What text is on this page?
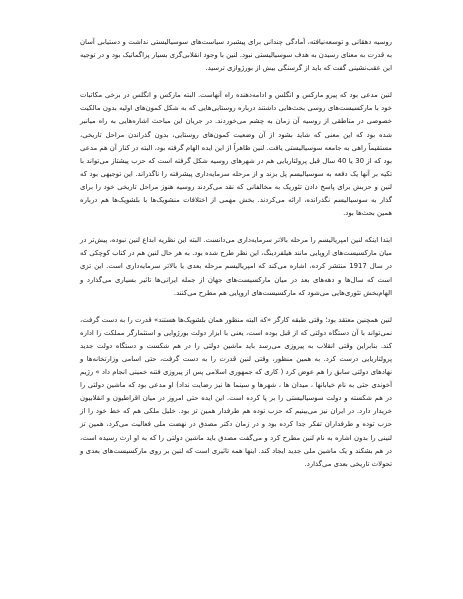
روسیه دهقانی و توسعه‌نیافته، آمادگی چندانی برای پیشبرد سیاست‌های سوسیالیستی نداشت و دستیابی آسان به قدرت به معنای رسیدن به هدف سوسیالیستی نبود. لنین با وجود انقلابی‌گری بسیار پراگماتیک بود و در توجیه این عقب‌نشینی گفت که باید از گرسنگی بیش از بورژوازی ترسید.

لنین مدعی بود که پیرو مارکس و انگلس و ادامه‌دهنده راه آنهاست. البته مارکس و انگلس در برخی مکاتبات خود با مارکسیست‌های روسی بحث‌هایی داشتند درباره روستایی‌هایی که به شکل کمون‌های اولیه بدون مالکیت خصوصی در مناطقی از روسیه آن زمان به چشم می‌خوردند. در جریان این مباحث اشاره‌هایی به راه میانبر شده بود که این معنی که شاید بشود از آن وضعیت کمون‌های روستایی، بدون گذراندن مراحل تاریخی، مستقیماً راهی به جامعه سوسیالیستی یافت. لنین ظاهراً از این ایده الهام گرفته بود، البته در کنار آن هم مدعی بود که از 30 یا 40 سال قبل پرولتاریایی هم در شهرهای روسیه شکل گرفته است که حزب پیشتاز می‌تواند با تکیه بر آنها یک دفعه به سوسیالیسم پل بزند و از مرحله سرمایه‌داری پیشرفته را ناگذراند. این توجیهی بود که لنین و حزبش برای پاسخ دادن تئوریک به مخالفانی که نقد می‌کردند روسیه هنوز مراحل تاریخی خود را برای گذار به سوسیالیسم نگذرانده، ارائه می‌کردند. بخش مهمی از اختلافات منشویک‌ها با بلشویک‌ها هم درباره همین بحث‌ها بود.

ابتدا اینکه لنین امپریالیسم را مرحله بالاتر سرمایه‌داری می‌دانست. البته این نظریه ابداع لنین نبوده، پیش‌تر در میان مارکسیست‌های اروپایی مانند هیلفردینگ، این نظر طرح شده بود. به هر حال لنین هم در کتاب کوچکی که در سال 1917 منتشر کرده، اشاره می‌کند که امپریالیسم مرحله بعدی یا بالاتر سرمایه‌داری است. این تزی است که سال‌ها و دهه‌های بعد در میان مارکسیست‌های جهان از جمله ایرانی‌ها تاثیر بسیاری می‌گذارد و الهام‌بخش تئوری‌هایی می‌شود که مارکسیست‌های اروپایی هم مطرح می‌کنند.

لنین همچنین معتقد بود؛ وقتی طبقه کارگر «که البته منظور همان بلشویک‌ها هستند» قدرت را به دست گرفت، نمی‌تواند با آن دستگاه دولتی که از قبل بوده است، یعنی با ابزار دولت بورژوایی و استثمارگر مملکت را اداره کند. بنابراین وقتی انقلاب به پیروزی می‌رسد باید ماشین دولتی را در هم شکست و دستگاه دولت جدید پرولتاریایی درست کرد. به همین منظور، وقتی لنین قدرت را به دست گرفت، حتی اسامی وزارتخانه‌ها و نهادهای دولتی سابق را هم عوض کرد ( کاری که جمهوری اسلامی پس از پیروزی فتنه خمینی انجام داد » رژیم آخوندی حتی به نام خیابانها ، میدان ها ، شهرها و سینما ها نیز رضایت نداد) او مدعی بود که ماشین دولتی را در هم شکسته و دولت سوسیالیستی را بر پا کرده است. این ایده حتی امروز در میان اقراطیون و انقلابیون خریدار دارد. در ایران نیز می‌بینیم که حزب توده هم طرفدار همین تز بود. خلیل ملکی هم که خط خود را از حزب توده و طرفداران تفکر جدا کرده بود و در زمان دکتر مصدق در نهضت ملی فعالیت می‌کرد، همین تز لنینی را بدون اشاره به نام لنین مطرح کرد و می‌گفت مصدق باید ماشین دولتی را که به او ارث رسیده است، در هم بشکند و یک ماشین ملی جدید ایجاد کند. اینها همه تاثیری است که لنین بر روی مارکسیست‌های بعدی و تحولات تاریخی بعدی می‌گذارد.
